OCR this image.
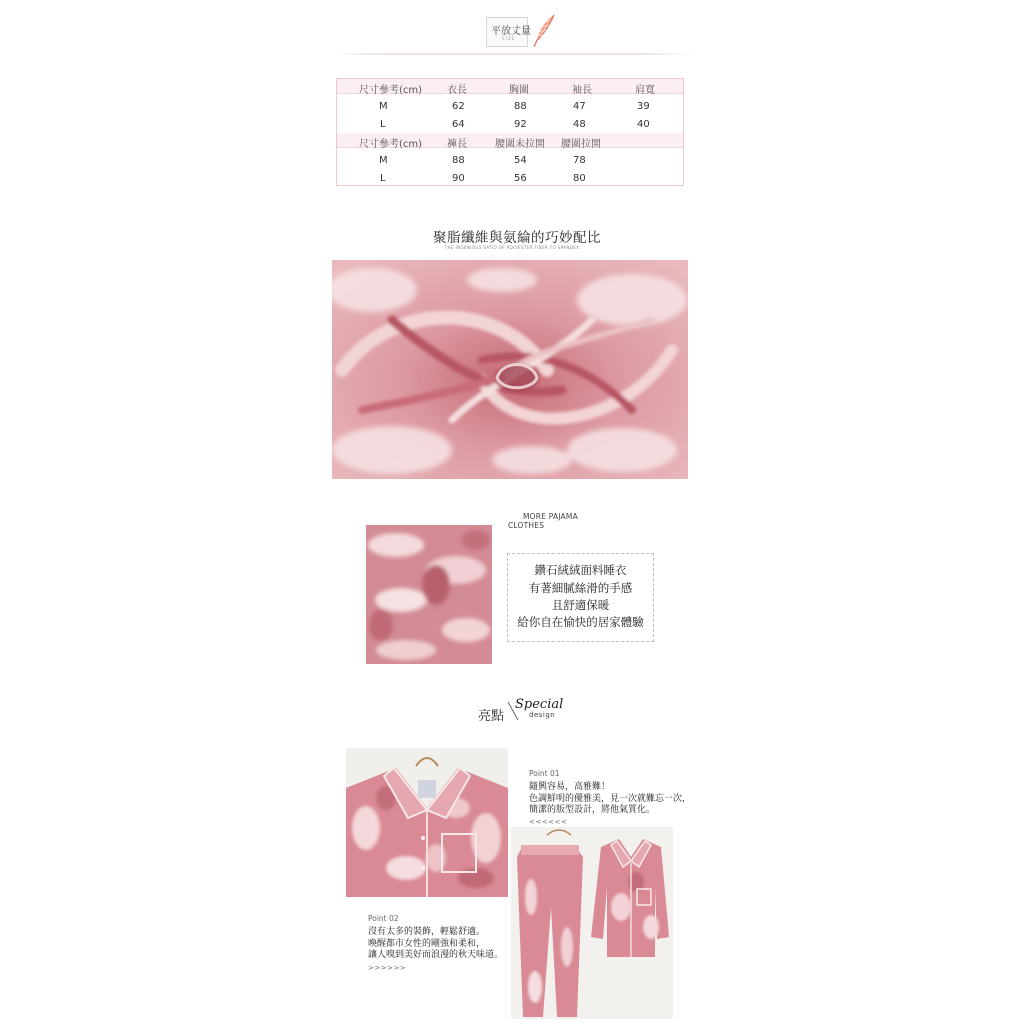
平放丈量
SIZE
尺寸參考(cm) 衣長	胸圍	袖長	肩寬
M	62	88	47	39
L	64	92	48	40
尺寸參考(cm) 褲長	腰圍未拉開 腰圍拉開
M	88	54	78
L	90	56	80
聚脂纖維與氨綸的巧妙配比
THE INGENIOUS RATIO OF POLYESTER FIBER TO SPANDEX
MORE PAJAMA
CLOTHES
鑽石絨絨面料睡衣
有著細膩絲滑的手感
且舒適保暖
給你自在愉快的居家體驗
亮點
Special
design
Point 01
隨興容易，高雅難！
色調鮮明的優雅美，見一次就難忘一次，
簡潔的版型設計，將他氣質化。
<<<<<<
Point 02
沒有太多的裝飾，輕鬆舒適。
喚醒都市女性的剛強和柔和，
讓人嗅到美好而浪漫的秋天味道。
>>>>>>
